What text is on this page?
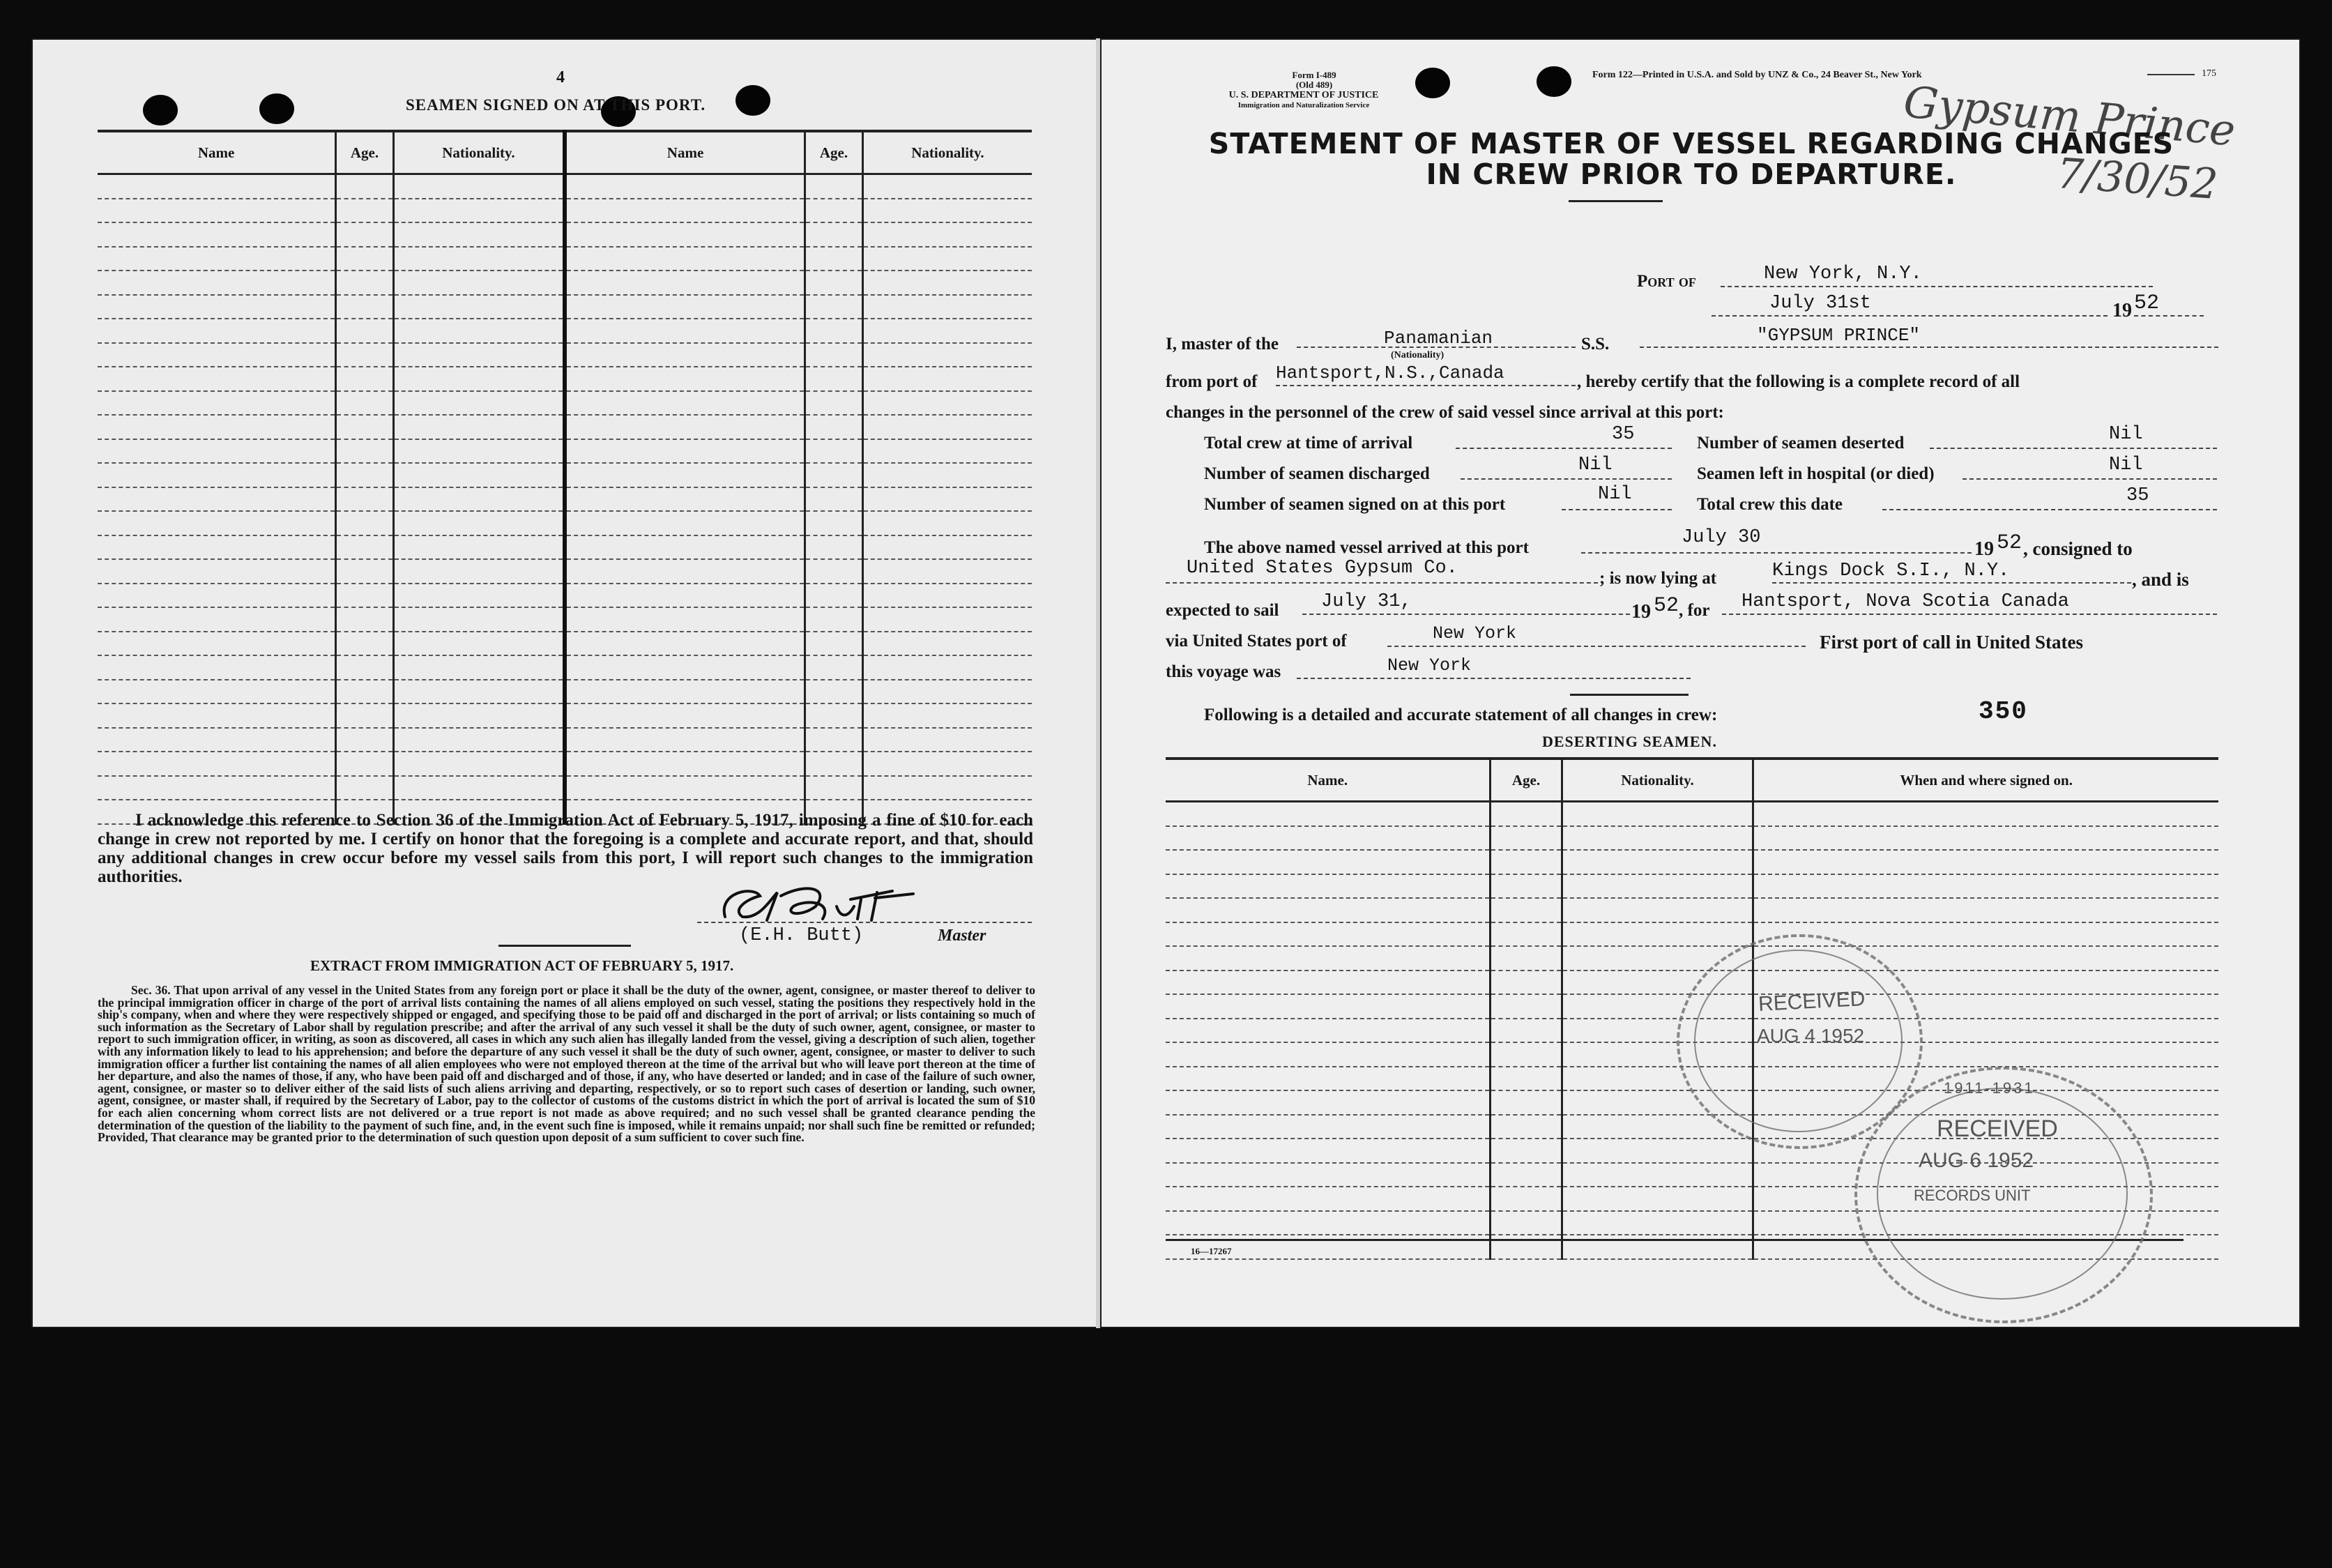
4
SEAMEN SIGNED ON AT THIS PORT.
Name	Age.	Nationality.	Name	Age.	Nationality.

I acknowledge this reference to Section 36 of the Immigration Act of February 5, 1917, imposing a fine of $10 for each change in crew not reported by me. I certify on honor that the foregoing is a complete and accurate report, and that, should any additional changes in crew occur before my vessel sails from this port, I will report such changes to the immigration authorities.
(E.H. Butt)	Master
EXTRACT FROM IMMIGRATION ACT OF FEBRUARY 5, 1917.
Sec. 36. That upon arrival of any vessel in the United States from any foreign port or place it shall be the duty of the owner, agent, consignee, or master thereof to deliver to the principal immigration officer in charge of the port of arrival lists containing the names of all aliens employed on such vessel, stating the positions they respectively hold in the ship's company, when and where they were respectively shipped or engaged, and specifying those to be paid off and discharged in the port of arrival; or lists containing so much of such information as the Secretary of Labor shall by regulation prescribe; and after the arrival of any such vessel it shall be the duty of such owner, agent, consignee, or master to report to such immigration officer, in writing, as soon as discovered, all cases in which any such alien has illegally landed from the vessel, giving a description of such alien, together with any information likely to lead to his apprehension; and before the departure of any such vessel it shall be the duty of such owner, agent, consignee, or master to deliver to such immigration officer a further list containing the names of all alien employees who were not employed thereon at the time of the arrival but who will leave port thereon at the time of her departure, and also the names of those, if any, who have been paid off and discharged and of those, if any, who have deserted or landed; and in case of the failure of such owner, agent, consignee, or master so to deliver either of the said lists of such aliens arriving and departing, respectively, or so to report such cases of desertion or landing, such owner, agent, consignee, or master shall, if required by the Secretary of Labor, pay to the collector of customs of the customs district in which the port of arrival is located the sum of $10 for each alien concerning whom correct lists are not delivered or a true report is not made as above required; and no such vessel shall be granted clearance pending the determination of the question of the liability to the payment of such fine, and, in the event such fine is imposed, while it remains unpaid; nor shall such fine be remitted or refunded; Provided, That clearance may be granted prior to the determination of such question upon deposit of a sum sufficient to cover such fine.
Form I-489
(Old 489)
U. S. DEPARTMENT OF JUSTICE
Immigration and Naturalization Service
Form 122—Printed in U.S.A. and Sold by UNZ & Co., 24 Beaver St., New York	175
Gypsum Prince
7/30/52
STATEMENT OF MASTER OF VESSEL REGARDING CHANGES
IN CREW PRIOR TO DEPARTURE.
Port of	New York, N.Y.
July 31st	19 52
I, master of the	Panamanian
(Nationality)
S.S.	"GYPSUM PRINCE"
from port of Hantsport,N.S.,Canada	, hereby certify that the following is a complete record of all
changes in the personnel of the crew of said vessel since arrival at this port:
Total crew at time of arrival	35	Number of seamen deserted	Nil
Number of seamen discharged	Nil	Seamen left in hospital (or died)	Nil
Number of seamen signed on at this port	Nil	Total crew this date	35
The above named vessel arrived at this port	July 30
19 52 , consigned to
United States Gypsum Co.	; is now lying at	Kings Dock S.I., N.Y.	, and is
expected to sail July 31,	19 52 , for Hantsport, Nova Scotia Canada
via United States port of	New York	First port of call in United States
this voyage was	New York
Following is a detailed and accurate statement of all changes in crew:	350
DESERTING SEAMEN.
Name.	Age.	Nationality.	When and where signed on.

16—17267
RECEIVED
AUG 4 1952
1911-1931
RECEIVED
AUG 6 1952
RECORDS UNIT
